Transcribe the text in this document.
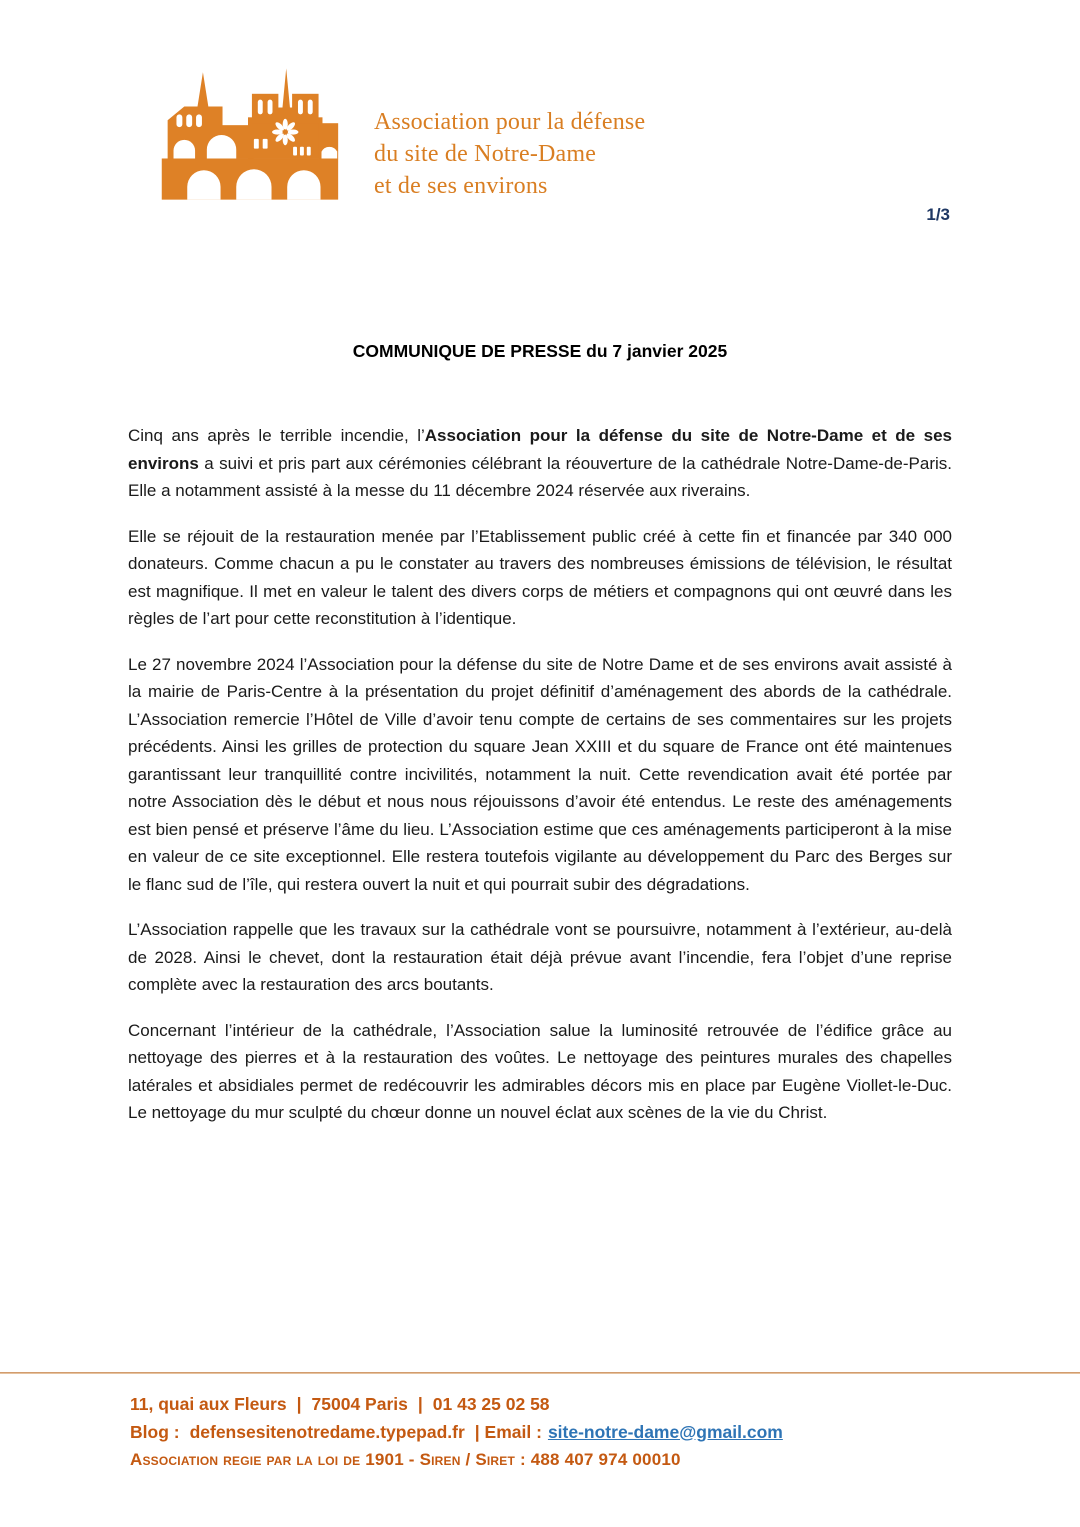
Association pour la défense
du site de Notre-Dame
et de ses environs
1/3
COMMUNIQUE DE PRESSE du 7 janvier 2025

Cinq ans après le terrible incendie, l’Association pour la défense du site de Notre-Dame et de ses environs a suivi et pris part aux cérémonies célébrant la réouverture de la cathédrale Notre-Dame-de-Paris. Elle a notamment assisté à la messe du 11 décembre 2024 réservée aux riverains.

Elle se réjouit de la restauration menée par l’Etablissement public créé à cette fin et financée par 340 000 donateurs. Comme chacun a pu le constater au travers des nombreuses émissions de télévision, le résultat est magnifique. Il met en valeur le talent des divers corps de métiers et compagnons qui ont œuvré dans les règles de l’art pour cette reconstitution à l’identique.

Le 27 novembre 2024 l’Association pour la défense du site de Notre Dame et de ses environs avait assisté à la mairie de Paris-Centre à la présentation du projet définitif d’aménagement des abords de la cathédrale. L’Association remercie l’Hôtel de Ville d’avoir tenu compte de certains de ses commentaires sur les projets précédents. Ainsi les grilles de protection du square Jean XXIII et du square de France ont été maintenues garantissant leur tranquillité contre incivilités, notamment la nuit. Cette revendication avait été portée par notre Association dès le début et nous nous réjouissons d’avoir été entendus. Le reste des aménagements est bien pensé et préserve l’âme du lieu. L’Association estime que ces aménagements participeront à la mise en valeur de ce site exceptionnel. Elle restera toutefois vigilante au développement du Parc des Berges sur le flanc sud de l’île, qui restera ouvert la nuit et qui pourrait subir des dégradations.

L’Association rappelle que les travaux sur la cathédrale vont se poursuivre, notamment à l’extérieur, au-delà de 2028. Ainsi le chevet, dont la restauration était déjà prévue avant l’incendie, fera l’objet d’une reprise complète avec la restauration des arcs boutants.

Concernant l’intérieur de la cathédrale, l’Association salue la luminosité retrouvée de l’édifice grâce au nettoyage des pierres et à la restauration des voûtes. Le nettoyage des peintures murales des chapelles latérales et absidiales permet de redécouvrir les admirables décors mis en place par Eugène Viollet-le-Duc. Le nettoyage du mur sculpté du chœur donne un nouvel éclat aux scènes de la vie du Christ.

11, quai aux Fleurs | 75004 Paris | 01 43 25 02 58
Blog : defensesitenotredame.typepad.fr | Email : site-notre-dame@gmail.com
Association regie par la loi de 1901 - Siren / Siret : 488 407 974 00010
